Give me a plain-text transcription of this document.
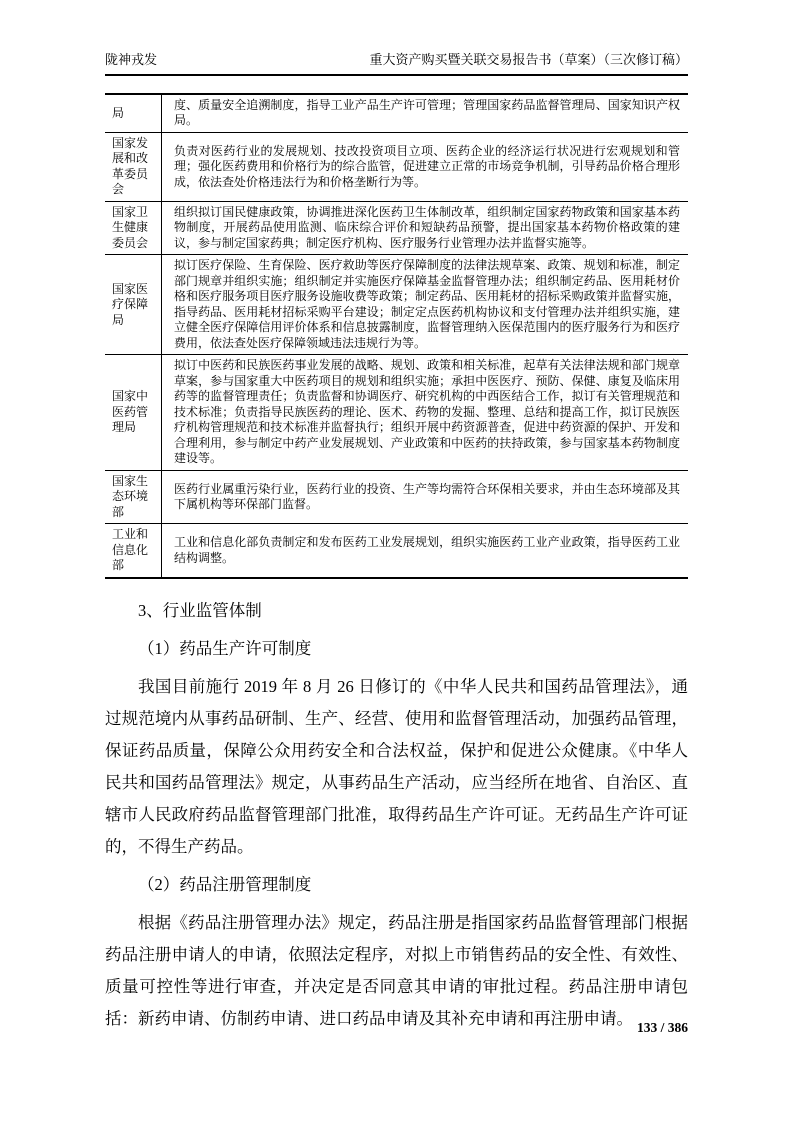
陇神戎发	重大资产购买暨关联交易报告书（草案）（三次修订稿）
局	度、质量安全追溯制度，指导工业产品生产许可管理；管理国家药品监督管理局、国家知识产权局。
国家发展和改革委员会	负责对医药行业的发展规划、技改投资项目立项、医药企业的经济运行状况进行宏观规划和管理；强化医药费用和价格行为的综合监管，促进建立正常的市场竞争机制，引导药品价格合理形成，依法查处价格违法行为和价格垄断行为等。
国家卫生健康委员会	组织拟订国民健康政策，协调推进深化医药卫生体制改革，组织制定国家药物政策和国家基本药物制度，开展药品使用监测、临床综合评价和短缺药品预警，提出国家基本药物价格政策的建议，参与制定国家药典；制定医疗机构、医疗服务行业管理办法并监督实施等。
国家医疗保障局	拟订医疗保险、生育保险、医疗救助等医疗保障制度的法律法规草案、政策、规划和标准，制定部门规章并组织实施；组织制定并实施医疗保障基金监督管理办法；组织制定药品、医用耗材价格和医疗服务项目医疗服务设施收费等政策；制定药品、医用耗材的招标采购政策并监督实施，指导药品、医用耗材招标采购平台建设；制定定点医药机构协议和支付管理办法并组织实施，建立健全医疗保障信用评价体系和信息披露制度，监督管理纳入医保范围内的医疗服务行为和医疗费用，依法查处医疗保障领域违法违规行为等。
国家中医药管理局	拟订中医药和民族医药事业发展的战略、规划、政策和相关标准，起草有关法律法规和部门规章草案，参与国家重大中医药项目的规划和组织实施；承担中医医疗、预防、保健、康复及临床用药等的监督管理责任；负责监督和协调医疗、研究机构的中西医结合工作，拟订有关管理规范和技术标准；负责指导民族医药的理论、医术、药物的发掘、整理、总结和提高工作，拟订民族医疗机构管理规范和技术标准并监督执行；组织开展中药资源普查，促进中药资源的保护、开发和合理利用，参与制定中药产业发展规划、产业政策和中医药的扶持政策，参与国家基本药物制度建设等。
国家生态环境部	医药行业属重污染行业，医药行业的投资、生产等均需符合环保相关要求，并由生态环境部及其下属机构等环保部门监督。
工业和信息化部	工业和信息化部负责制定和发布医药工业发展规划，组织实施医药工业产业政策，指导医药工业结构调整。

3、行业监管体制

（1）药品生产许可制度

我国目前施行 2019 年 8 月 26 日修订的《中华人民共和国药品管理法》，通过规范境内从事药品研制、生产、经营、使用和监督管理活动，加强药品管理，保证药品质量，保障公众用药安全和合法权益，保护和促进公众健康。《中华人民共和国药品管理法》规定，从事药品生产活动，应当经所在地省、自治区、直辖市人民政府药品监督管理部门批准，取得药品生产许可证。无药品生产许可证的，不得生产药品。

（2）药品注册管理制度

根据《药品注册管理办法》规定，药品注册是指国家药品监督管理部门根据药品注册申请人的申请，依照法定程序，对拟上市销售药品的安全性、有效性、质量可控性等进行审查，并决定是否同意其申请的审批过程。药品注册申请包括：新药申请、仿制药申请、进口药品申请及其补充申请和再注册申请。 133 / 386
